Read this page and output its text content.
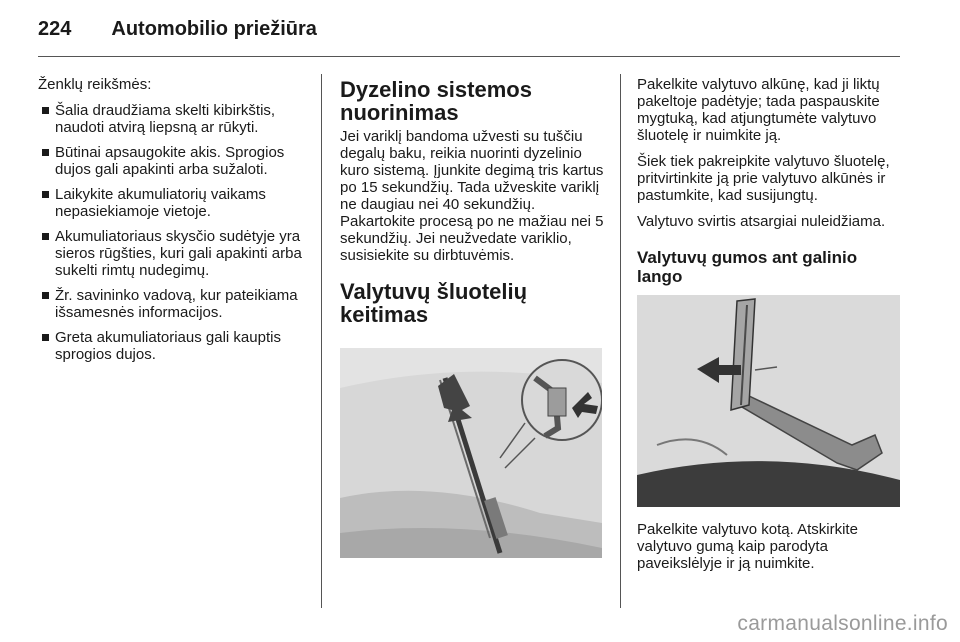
224 Automobilio priežiūra

Ženklų reikšmės:

Šalia draudžiama skelti kibirkštis, naudoti atvirą liepsną ar rūkyti.
Būtinai apsaugokite akis. Sprogios dujos gali apakinti arba sužaloti.
Laikykite akumuliatorių vaikams nepasiekiamoje vietoje.
Akumuliatoriaus skysčio sudėtyje yra sieros rūgšties, kuri gali apakinti arba sukelti rimtų nudegimų.
Žr. savininko vadovą, kur pateikiama išsamesnės informacijos.
Greta akumuliatoriaus gali kauptis sprogios dujos.
Dyzelino sistemos nuorinimas

Jei variklį bandoma užvesti su tuščiu degalų baku, reikia nuorinti dyzelinio kuro sistemą. Įjunkite degimą tris kartus po 15 sekundžių. Tada užveskite variklį ne daugiau nei 40 sekundžių. Pakartokite procesą po ne mažiau nei 5 sekundžių. Jei neužvedate variklio, susisiekite su dirbtuvėmis.

Valytuvų šluotelių keitimas

Pakelkite valytuvo alkūnę, kad ji liktų pakeltoje padėtyje; tada paspauskite mygtuką, kad atjungtumėte valytuvo šluotelę ir nuimkite ją.

Šiek tiek pakreipkite valytuvo šluotelę, pritvirtinkite ją prie valytuvo alkūnės ir pastumkite, kad susijungtų.

Valytuvo svirtis atsargiai nuleidžiama.

Valytuvų gumos ant galinio lango

Pakelkite valytuvo kotą. Atskirkite valytuvo gumą kaip parodyta paveikslėlyje ir ją nuimkite.

carmanualsonline.info
